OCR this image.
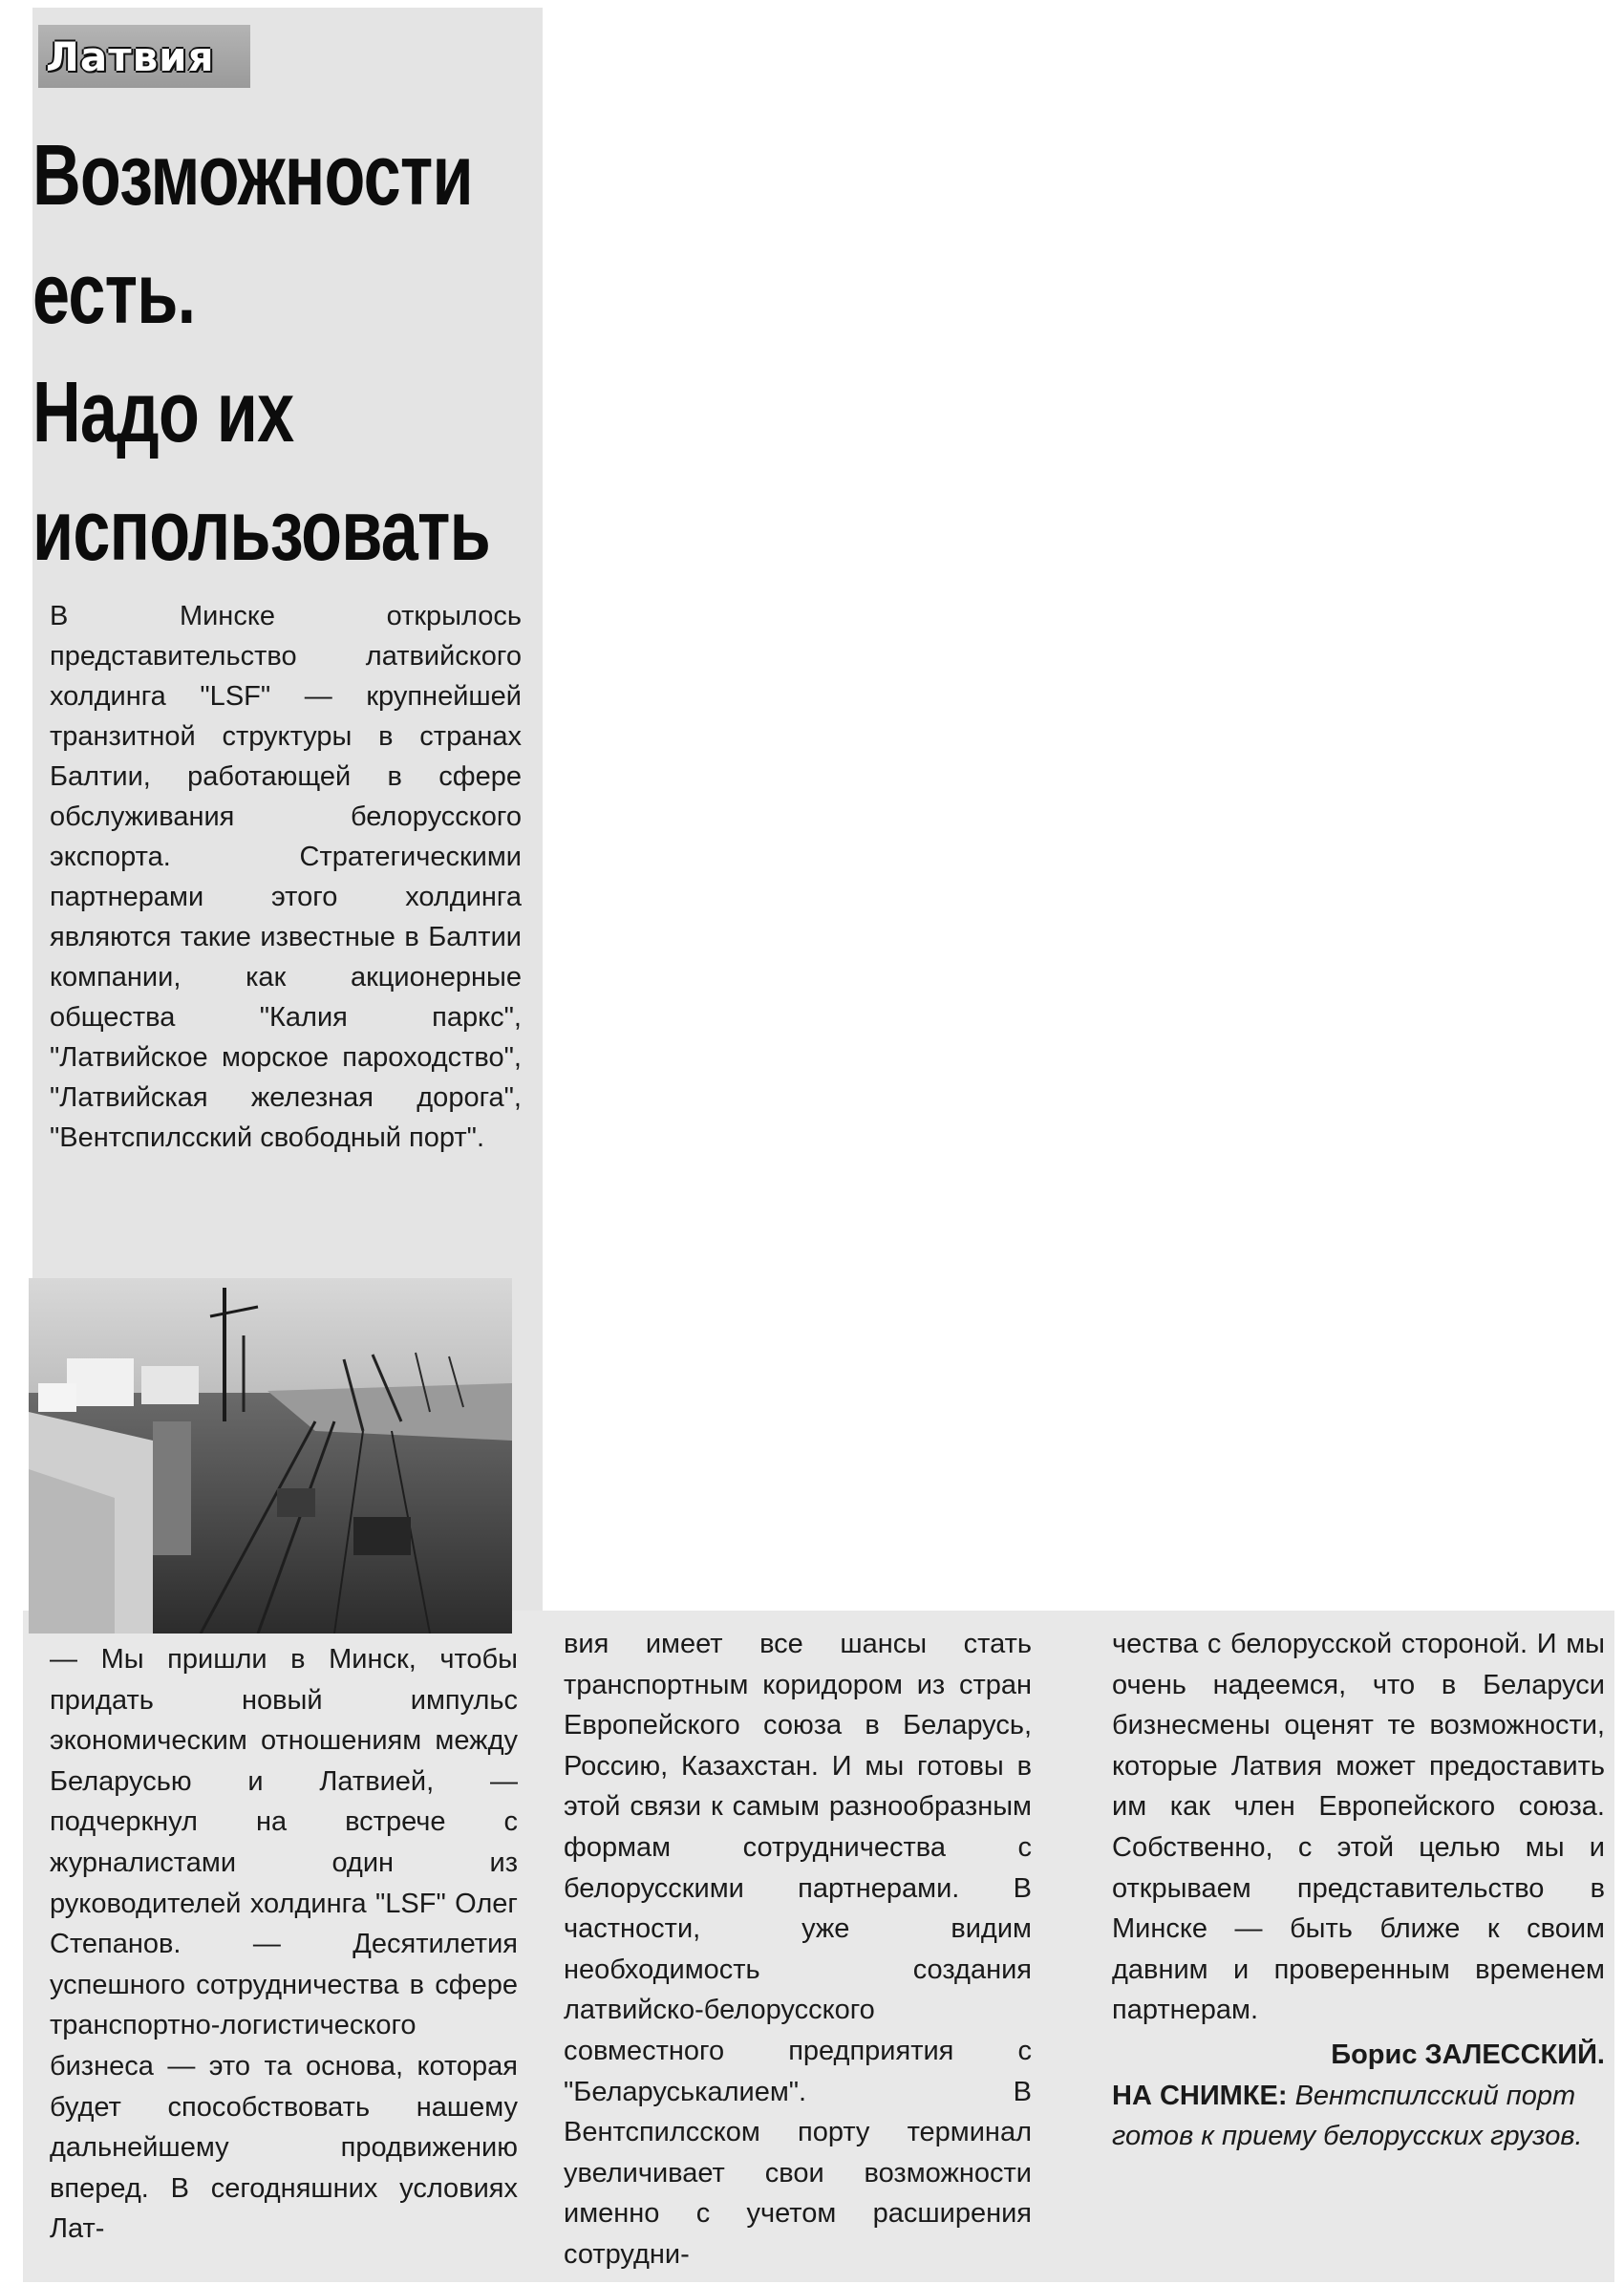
Латвия
Возможности
есть.
Надо их
использовать

В Минске открылось представительство латвийского холдинга "LSF" — крупнейшей транзитной структуры в странах Балтии, работающей в сфере обслуживания белорусского экспорта. Стратегическими партнерами этого холдинга являются такие известные в Балтии компании, как акционерные общества "Калия паркс", "Латвийское морское пароходство", "Латвийская железная дорога", "Вентспилсский свободный порт".

— Мы пришли в Минск, чтобы придать новый импульс экономическим отношениям между Беларусью и Латвией, — подчеркнул на встрече с журналистами один из руководителей холдинга "LSF" Олег Степанов. — Десятилетия успешного сотрудничества в сфере транспортно-логистического бизнеса — это та основа, которая будет способствовать нашему дальнейшему продвижению вперед. В сегодняшних условиях Лат-

вия имеет все шансы стать транспортным коридором из стран Европейского союза в Беларусь, Россию, Казахстан. И мы готовы в этой связи к самым разнообразным формам сотрудничества с белорусскими партнерами. В частности, уже видим необходимость создания латвийско-белорусского совместного предприятия с "Беларуськалием". В Вентспилсском порту терминал увеличивает свои возможности именно с учетом расширения сотрудни-

чества с белорусской стороной. И мы очень надеемся, что в Беларуси бизнесмены оценят те возможности, которые Латвия может предоставить им как член Европейского союза. Собственно, с этой целью мы и открываем представительство в Минске — быть ближе к своим давним и проверенным временем партнерам.

Борис ЗАЛЕССКИЙ.

НА СНИМКЕ: Вентспилсский порт готов к приему белорусских грузов.
